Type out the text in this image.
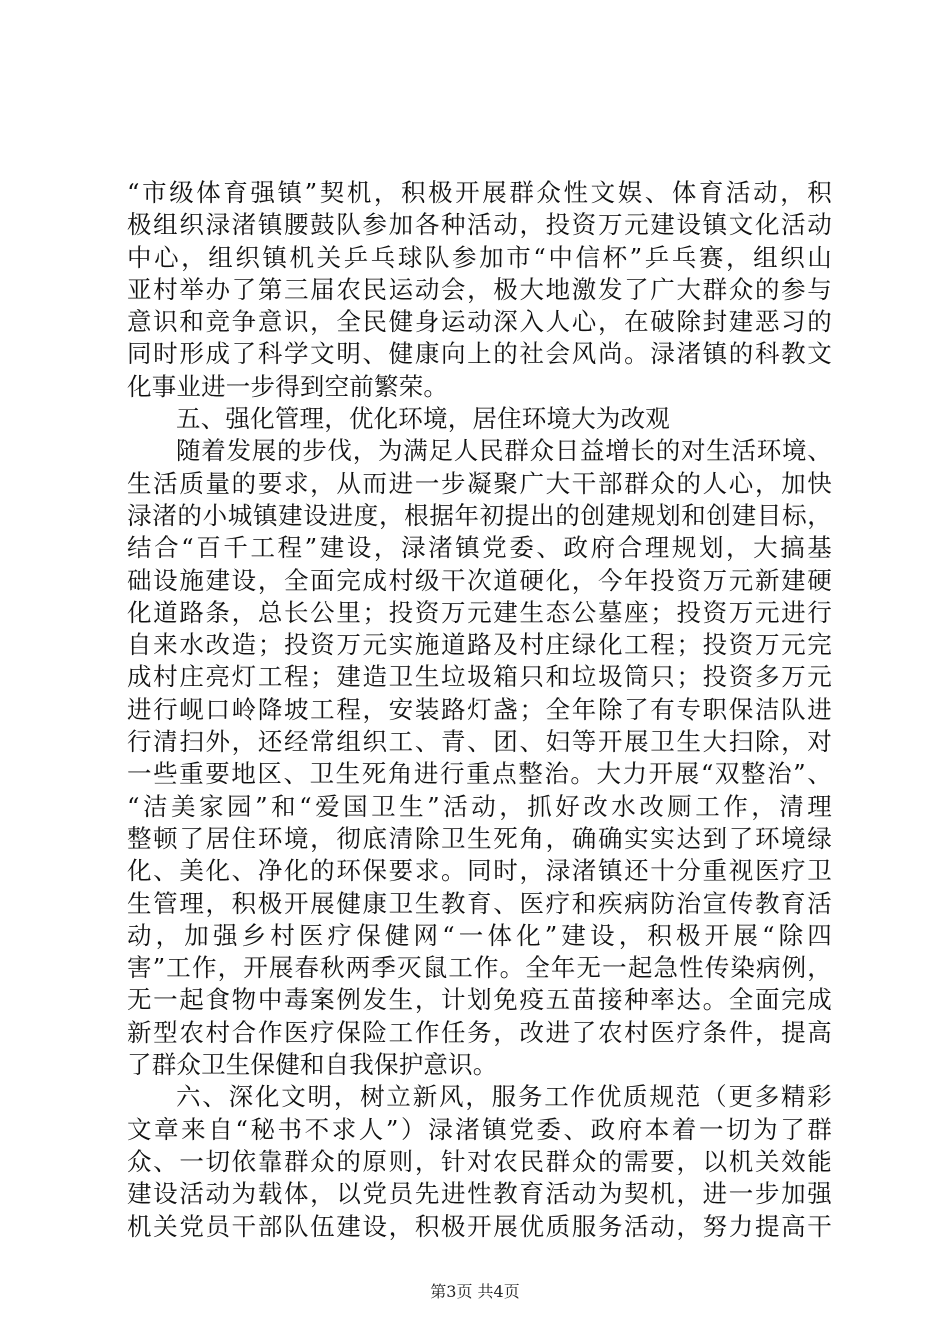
“市级体育强镇”契机，积极开展群众性文娱、体育活动，积
极组织渌渚镇腰鼓队参加各种活动，投资万元建设镇文化活动
中心，组织镇机关乒乓球队参加市“中信杯”乒乓赛，组织山
亚村举办了第三届农民运动会，极大地激发了广大群众的参与
意识和竞争意识，全民健身运动深入人心，在破除封建恶习的
同时形成了科学文明、健康向上的社会风尚。渌渚镇的科教文
化事业进一步得到空前繁荣。
五、强化管理，优化环境，居住环境大为改观
随着发展的步伐，为满足人民群众日益增长的对生活环境、
生活质量的要求，从而进一步凝聚广大干部群众的人心，加快
渌渚的小城镇建设进度，根据年初提出的创建规划和创建目标，
结合“百千工程”建设，渌渚镇党委、政府合理规划，大搞基
础设施建设，全面完成村级干次道硬化，今年投资万元新建硬
化道路条，总长公里；投资万元建生态公墓座；投资万元进行
自来水改造；投资万元实施道路及村庄绿化工程；投资万元完
成村庄亮灯工程；建造卫生垃圾箱只和垃圾筒只；投资多万元
进行岘口岭降坡工程，安装路灯盏；全年除了有专职保洁队进
行清扫外，还经常组织工、青、团、妇等开展卫生大扫除，对
一些重要地区、卫生死角进行重点整治。大力开展“双整治”、
“洁美家园”和“爱国卫生”活动，抓好改水改厕工作，清理
整顿了居住环境，彻底清除卫生死角，确确实实达到了环境绿
化、美化、净化的环保要求。同时，渌渚镇还十分重视医疗卫
生管理，积极开展健康卫生教育、医疗和疾病防治宣传教育活
动，加强乡村医疗保健网“一体化”建设，积极开展“除四
害”工作，开展春秋两季灭鼠工作。全年无一起急性传染病例，
无一起食物中毒案例发生，计划免疫五苗接种率达。全面完成
新型农村合作医疗保险工作任务，改进了农村医疗条件，提高
了群众卫生保健和自我保护意识。
六、深化文明，树立新风，服务工作优质规范（更多精彩
文章来自“秘书不求人”）渌渚镇党委、政府本着一切为了群
众、一切依靠群众的原则，针对农民群众的需要，以机关效能
建设活动为载体，以党员先进性教育活动为契机，进一步加强
机关党员干部队伍建设，积极开展优质服务活动，努力提高干
第3页 共4页
